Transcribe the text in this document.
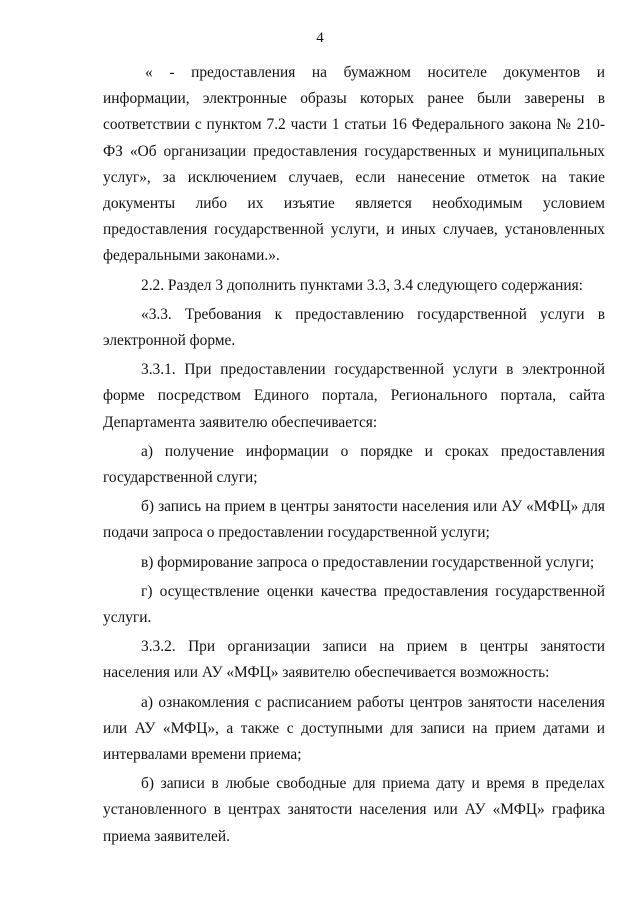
4

« - предоставления на бумажном носителе документов и информации, электронные образы которых ранее были заверены в соответствии с пунктом 7.2 части 1 статьи 16 Федерального закона № 210-ФЗ «Об организации предоставления государственных и муниципальных услуг», за исключением случаев, если нанесение отметок на такие документы либо их изъятие является необходимым условием предоставления государственной услуги, и иных случаев, установленных федеральными законами.».

2.2. Раздел 3 дополнить пунктами 3.3, 3.4 следующего содержания:

«3.3. Требования к предоставлению государственной услуги в электронной форме.

3.3.1. При предоставлении государственной услуги в электронной форме посредством Единого портала, Регионального портала, сайта Департамента заявителю обеспечивается:

а) получение информации о порядке и сроках предоставления государственной слуги;

б) запись на прием в центры занятости населения или АУ «МФЦ» для подачи запроса о предоставлении государственной услуги;

в) формирование запроса о предоставлении государственной услуги;

г) осуществление оценки качества предоставления государственной услуги.

3.3.2. При организации записи на прием в центры занятости населения или АУ «МФЦ» заявителю обеспечивается возможность:

а) ознакомления с расписанием работы центров занятости населения или АУ «МФЦ», а также с доступными для записи на прием датами и интервалами времени приема;

б) записи в любые свободные для приема дату и время в пределах установленного в центрах занятости населения или АУ «МФЦ» графика приема заявителей.
